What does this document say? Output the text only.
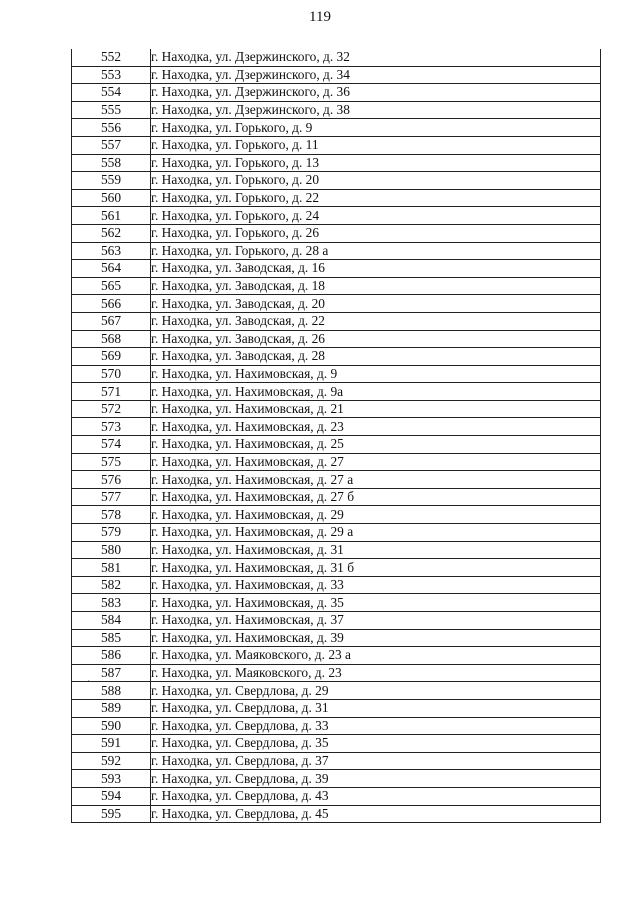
119
.
552	г. Находка, ул. Дзержинского, д. 32
553	г. Находка, ул. Дзержинского, д. 34
554	г. Находка, ул. Дзержинского, д. 36
555	г. Находка, ул. Дзержинского, д. 38
556	г. Находка, ул. Горького, д. 9
557	г. Находка, ул. Горького, д. 11
558	г. Находка, ул. Горького, д. 13
559	г. Находка, ул. Горького, д. 20
560	г. Находка, ул. Горького, д. 22
561	г. Находка, ул. Горького, д. 24
562	г. Находка, ул. Горького, д. 26
563	г. Находка, ул. Горького, д. 28 а
564	г. Находка, ул. Заводская, д. 16
565	г. Находка, ул. Заводская, д. 18
566	г. Находка, ул. Заводская, д. 20
567	г. Находка, ул. Заводская, д. 22
568	г. Находка, ул. Заводская, д. 26
569	г. Находка, ул. Заводская, д. 28
570	г. Находка, ул. Нахимовская, д. 9
571	г. Находка, ул. Нахимовская, д. 9а
572	г. Находка, ул. Нахимовская, д. 21
573	г. Находка, ул. Нахимовская, д. 23
574	г. Находка, ул. Нахимовская, д. 25
575	г. Находка, ул. Нахимовская, д. 27
576	г. Находка, ул. Нахимовская, д. 27 а
577	г. Находка, ул. Нахимовская, д. 27 б
578	г. Находка, ул. Нахимовская, д. 29
579	г. Находка, ул. Нахимовская, д. 29 а
580	г. Находка, ул. Нахимовская, д. 31
581	г. Находка, ул. Нахимовская, д. 31 б
582	г. Находка, ул. Нахимовская, д. 33
583	г. Находка, ул. Нахимовская, д. 35
584	г. Находка, ул. Нахимовская, д. 37
585	г. Находка, ул. Нахимовская, д. 39
586	г. Находка, ул. Маяковского, д. 23 а
587	г. Находка, ул. Маяковского, д. 23
588	г. Находка, ул. Свердлова, д. 29
589	г. Находка, ул. Свердлова, д. 31
590	г. Находка, ул. Свердлова, д. 33
591	г. Находка, ул. Свердлова, д. 35
592	г. Находка, ул. Свердлова, д. 37
593	г. Находка, ул. Свердлова, д. 39
594	г. Находка, ул. Свердлова, д. 43
595	г. Находка, ул. Свердлова, д. 45
